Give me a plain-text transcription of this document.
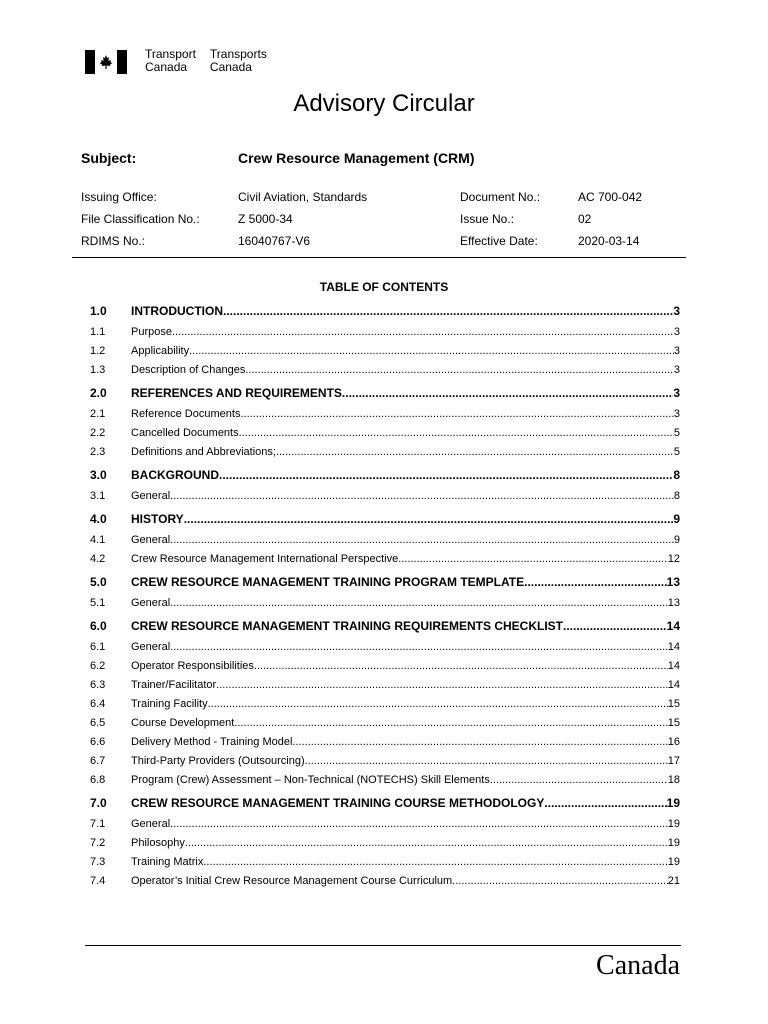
Transport
Canada
Transports
Canada
Advisory Circular
Subject:	Crew Resource Management (CRM)
Issuing Office:	Civil Aviation, Standards	Document No.:	AC 700-042
File Classification No.:	Z 5000-34	Issue No.:	02
RDIMS No.:	16040767-V6	Effective Date:	2020-03-14
TABLE OF CONTENTS
1.0	INTRODUCTION .....	3
1.1	Purpose .....	3
1.2	Applicability .....	3
1.3	Description of Changes .....	3
2.0	REFERENCES AND REQUIREMENTS .....	3
2.1	Reference Documents .....	3
2.2	Cancelled Documents .....	5
2.3	Definitions and Abbreviations; .....	5
3.0	BACKGROUND .....	8
3.1	General .....	8
4.0	HISTORY .....	9
4.1	General .....	9
4.2	Crew Resource Management International Perspective .....	12
5.0	CREW RESOURCE MANAGEMENT TRAINING PROGRAM TEMPLATE .....	13
5.1	General .....	13
6.0	CREW RESOURCE MANAGEMENT TRAINING REQUIREMENTS CHECKLIST .....	14
6.1	General .....	14
6.2	Operator Responsibilities .....	14
6.3	Trainer/Facilitator .....	14
6.4	Training Facility .....	15
6.5	Course Development .....	15
6.6	Delivery Method - Training Model .....	16
6.7	Third-Party Providers (Outsourcing) .....	17
6.8	Program (Crew) Assessment – Non-Technical (NOTECHS) Skill Elements .....	18
7.0	CREW RESOURCE MANAGEMENT TRAINING COURSE METHODOLOGY .....	19
7.1	General .....	19
7.2	Philosophy .....	19
7.3	Training Matrix .....	19
7.4	Operator’s Initial Crew Resource Management Course Curriculum .....	21
Canada
